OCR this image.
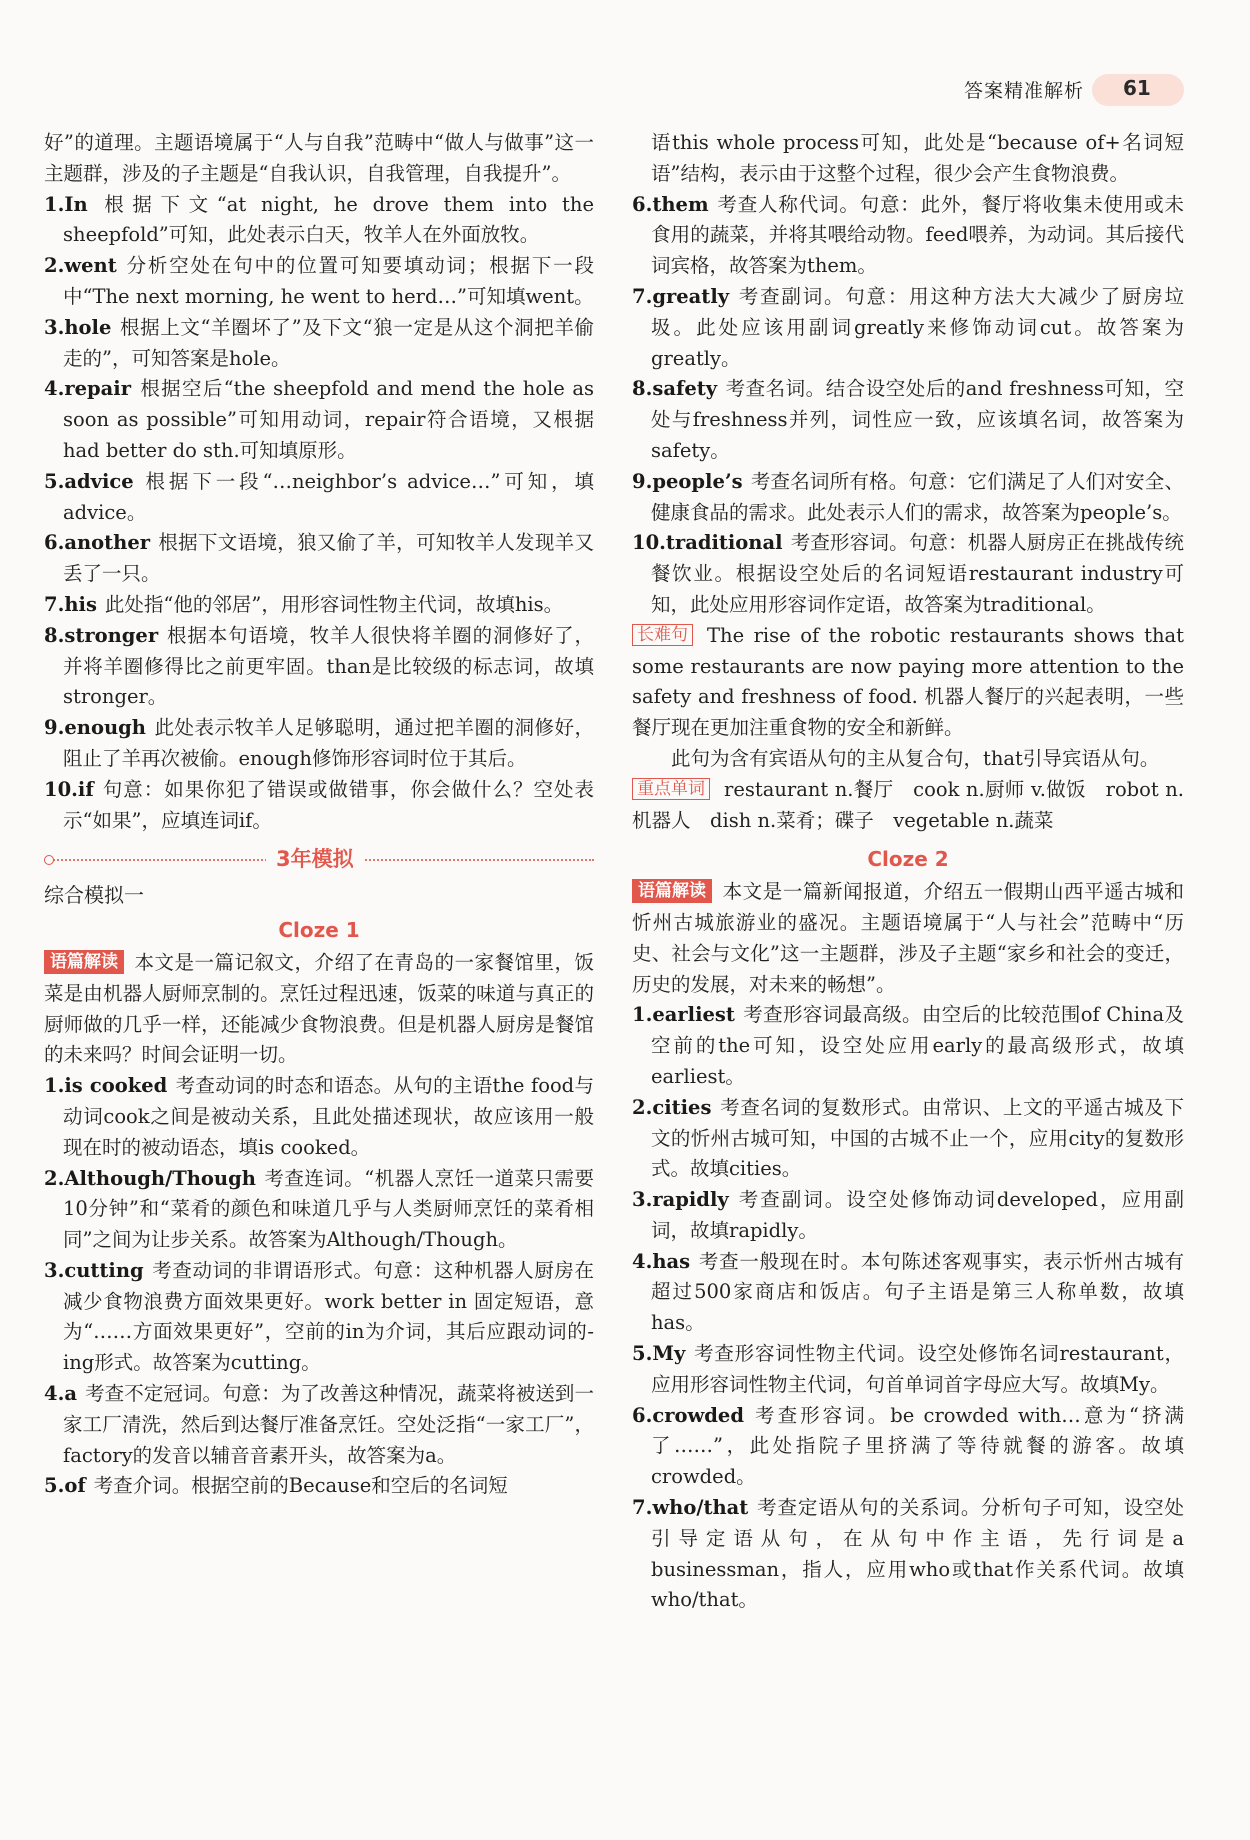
答案精准解析 61

好”的道理。主题语境属于“人与自我”范畴中“做人与做事”这一主题群，涉及的子主题是“自我认识，自我管理，自我提升”。

1.In 根据下文“at night, he drove them into the sheepfold”可知，此处表示白天，牧羊人在外面放牧。

2.went 分析空处在句中的位置可知要填动词；根据下一段中“The next morning, he went to herd…”可知填went。

3.hole 根据上文“羊圈坏了”及下文“狼一定是从这个洞把羊偷走的”，可知答案是hole。

4.repair 根据空后“the sheepfold and mend the hole as soon as possible”可知用动词，repair符合语境，又根据had better do sth.可知填原形。

5.advice 根据下一段“…neighbor’s advice…”可知，填advice。

6.another 根据下文语境，狼又偷了羊，可知牧羊人发现羊又丢了一只。

7.his 此处指“他的邻居”，用形容词性物主代词，故填his。

8.stronger 根据本句语境，牧羊人很快将羊圈的洞修好了，并将羊圈修得比之前更牢固。than是比较级的标志词，故填stronger。

9.enough 此处表示牧羊人足够聪明，通过把羊圈的洞修好，阻止了羊再次被偷。enough修饰形容词时位于其后。

10.if 句意：如果你犯了错误或做错事，你会做什么？空处表示“如果”，应填连词if。

3年模拟
综合模拟一
Cloze 1

语篇解读 本文是一篇记叙文，介绍了在青岛的一家餐馆里，饭菜是由机器人厨师烹制的。烹饪过程迅速，饭菜的味道与真正的厨师做的几乎一样，还能减少食物浪费。但是机器人厨房是餐馆的未来吗？时间会证明一切。

1.is cooked 考查动词的时态和语态。从句的主语the food与动词cook之间是被动关系，且此处描述现状，故应该用一般现在时的被动语态，填is cooked。

2.Although/Though 考查连词。“机器人烹饪一道菜只需要10分钟”和“菜肴的颜色和味道几乎与人类厨师烹饪的菜肴相同”之间为让步关系。故答案为Although/Though。

3.cutting 考查动词的非谓语形式。句意：这种机器人厨房在减少食物浪费方面效果更好。work better in 固定短语，意为“……方面效果更好”，空前的in为介词，其后应跟动词的-ing形式。故答案为cutting。

4.a 考查不定冠词。句意：为了改善这种情况，蔬菜将被送到一家工厂清洗，然后到达餐厅准备烹饪。空处泛指“一家工厂”，factory的发音以辅音音素开头，故答案为a。

5.of 考查介词。根据空前的Because和空后的名词短

语this whole process可知，此处是“because of+名词短语”结构，表示由于这整个过程，很少会产生食物浪费。

6.them 考查人称代词。句意：此外，餐厅将收集未使用或未食用的蔬菜，并将其喂给动物。feed喂养，为动词。其后接代词宾格，故答案为them。

7.greatly 考查副词。句意：用这种方法大大减少了厨房垃圾。此处应该用副词greatly来修饰动词cut。故答案为greatly。

8.safety 考查名词。结合设空处后的and freshness可知，空处与freshness并列，词性应一致，应该填名词，故答案为safety。

9.people’s 考查名词所有格。句意：它们满足了人们对安全、健康食品的需求。此处表示人们的需求，故答案为people’s。

10.traditional 考查形容词。句意：机器人厨房正在挑战传统餐饮业。根据设空处后的名词短语restaurant industry可知，此处应用形容词作定语，故答案为traditional。

长难句 The rise of the robotic restaurants shows that some restaurants are now paying more attention to the safety and freshness of food. 机器人餐厅的兴起表明，一些餐厅现在更加注重食物的安全和新鲜。

此句为含有宾语从句的主从复合句，that引导宾语从句。

重点单词 restaurant n.餐厅　cook n.厨师 v.做饭　robot n.机器人　dish n.菜肴；碟子　vegetable n.蔬菜

Cloze 2

语篇解读 本文是一篇新闻报道，介绍五一假期山西平遥古城和忻州古城旅游业的盛况。主题语境属于“人与社会”范畴中“历史、社会与文化”这一主题群，涉及子主题“家乡和社会的变迁，历史的发展，对未来的畅想”。

1.earliest 考查形容词最高级。由空后的比较范围of China及空前的the可知，设空处应用early的最高级形式，故填earliest。

2.cities 考查名词的复数形式。由常识、上文的平遥古城及下文的忻州古城可知，中国的古城不止一个，应用city的复数形式。故填cities。

3.rapidly 考查副词。设空处修饰动词developed，应用副词，故填rapidly。

4.has 考查一般现在时。本句陈述客观事实，表示忻州古城有超过500家商店和饭店。句子主语是第三人称单数，故填has。

5.My 考查形容词性物主代词。设空处修饰名词restaurant，应用形容词性物主代词，句首单词首字母应大写。故填My。

6.crowded 考查形容词。be crowded with…意为“挤满了……”，此处指院子里挤满了等待就餐的游客。故填crowded。

7.who/that 考查定语从句的关系词。分析句子可知，设空处引导定语从句，在从句中作主语，先行词是a businessman，指人，应用who或that作关系代词。故填who/that。
